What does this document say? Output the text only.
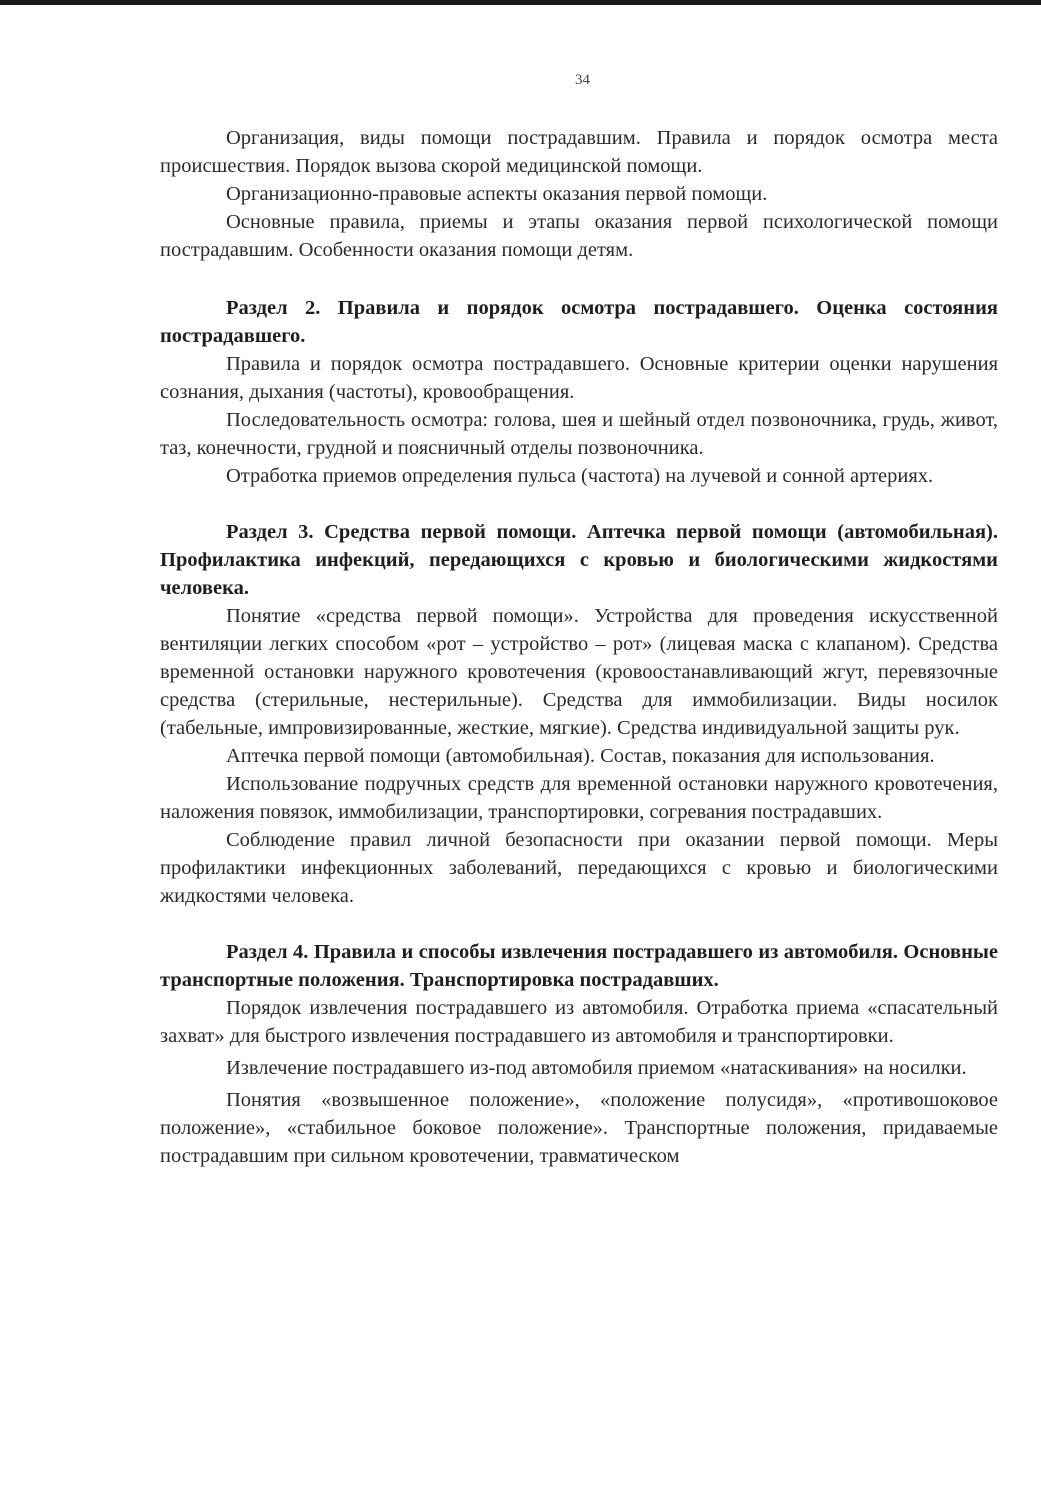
34

Организация, виды помощи пострадавшим. Правила и порядок осмотра места происшествия. Порядок вызова скорой медицинской помощи.

Организационно-правовые аспекты оказания первой помощи.

Основные правила, приемы и этапы оказания первой психологической помощи пострадавшим. Особенности оказания помощи детям.

Раздел 2. Правила и порядок осмотра пострадавшего. Оценка состояния пострадавшего.

Правила и порядок осмотра пострадавшего. Основные критерии оценки нарушения сознания, дыхания (частоты), кровообращения.

Последовательность осмотра: голова, шея и шейный отдел позвоночника, грудь, живот, таз, конечности, грудной и поясничный отделы позвоночника.

Отработка приемов определения пульса (частота) на лучевой и сонной артериях.

Раздел 3. Средства первой помощи. Аптечка первой помощи (автомобильная). Профилактика инфекций, передающихся с кровью и биологическими жидкостями человека.

Понятие «средства первой помощи». Устройства для проведения искусственной вентиляции легких способом «рот – устройство – рот» (лицевая маска с клапаном). Средства временной остановки наружного кровотечения (кровоостанавливающий жгут, перевязочные средства (стерильные, нестерильные). Средства для иммобилизации. Виды носилок (табельные, импровизированные, жесткие, мягкие). Средства индивидуальной защиты рук.

Аптечка первой помощи (автомобильная). Состав, показания для использования.

Использование подручных средств для временной остановки наружного кровотечения, наложения повязок, иммобилизации, транспортировки, согревания пострадавших.

Соблюдение правил личной безопасности при оказании первой помощи. Меры профилактики инфекционных заболеваний, передающихся с кровью и биологическими жидкостями человека.

Раздел 4. Правила и способы извлечения пострадавшего из автомобиля. Основные транспортные положения. Транспортировка пострадавших.

Порядок извлечения пострадавшего из автомобиля. Отработка приема «спасательный захват» для быстрого извлечения пострадавшего из автомобиля и транспортировки.

Извлечение пострадавшего из-под автомобиля приемом «натаскивания» на носилки.

Понятия «возвышенное положение», «положение полусидя», «противошоковое положение», «стабильное боковое положение». Транспортные положения, придаваемые пострадавшим при сильном кровотечении, травматическом
